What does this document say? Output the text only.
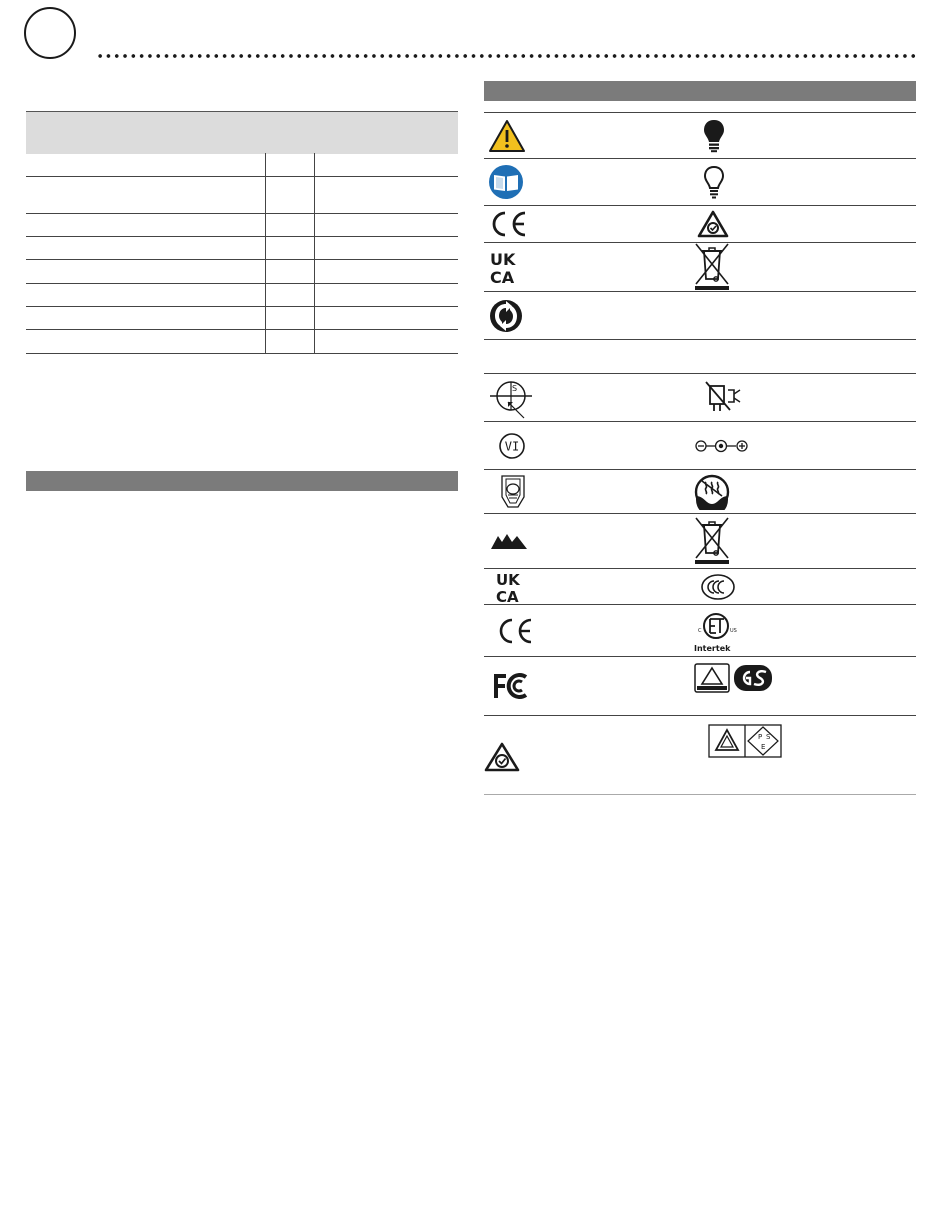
UK
CA
S
VI
UK
CA
C	US
Intertek
P S
E
